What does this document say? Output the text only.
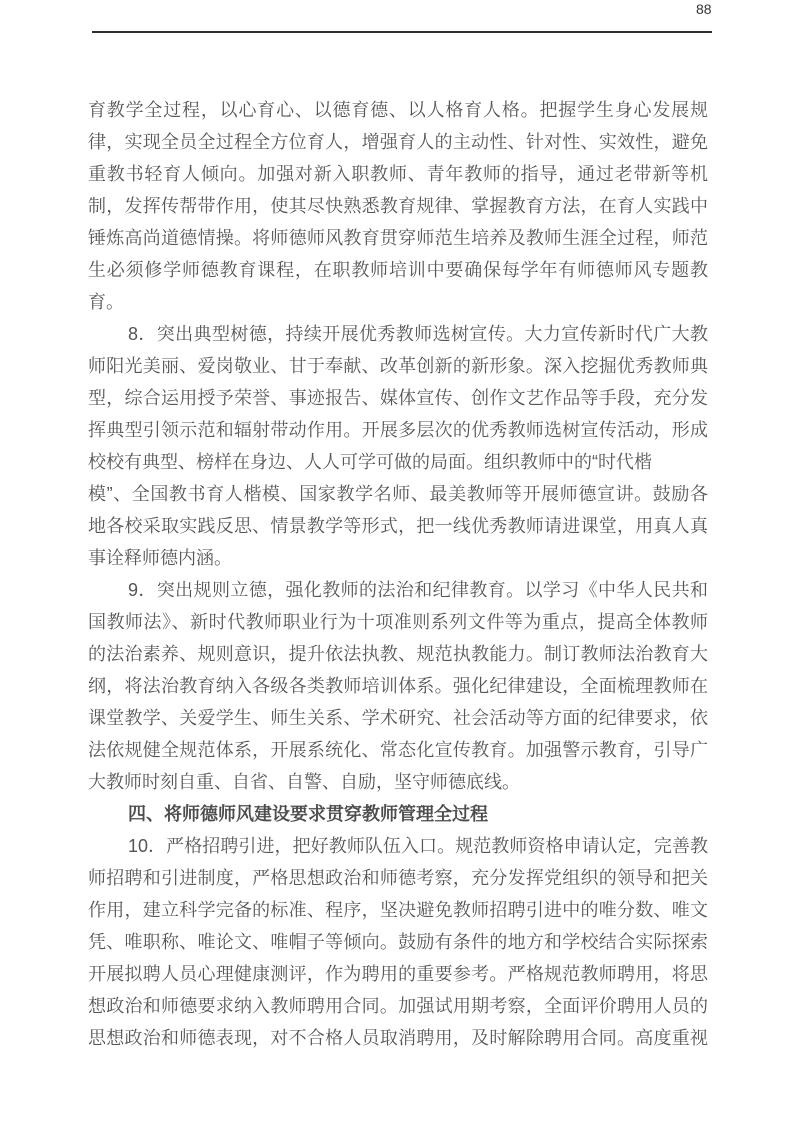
88
育教学全过程，以心育心、以德育德、以人格育人格。把握学生身心发展规
律，实现全员全过程全方位育人，增强育人的主动性、针对性、实效性，避免
重教书轻育人倾向。加强对新入职教师、青年教师的指导，通过老带新等机
制，发挥传帮带作用，使其尽快熟悉教育规律、掌握教育方法，在育人实践中
锤炼高尚道德情操。将师德师风教育贯穿师范生培养及教师生涯全过程，师范
生必须修学师德教育课程，在职教师培训中要确保每学年有师德师风专题教
育。
8．突出典型树德，持续开展优秀教师选树宣传。大力宣传新时代广大教
师阳光美丽、爱岗敬业、甘于奉献、改革创新的新形象。深入挖掘优秀教师典
型，综合运用授予荣誉、事迹报告、媒体宣传、创作文艺作品等手段，充分发
挥典型引领示范和辐射带动作用。开展多层次的优秀教师选树宣传活动，形成
校校有典型、榜样在身边、人人可学可做的局面。组织教师中的“时代楷
模”、全国教书育人楷模、国家教学名师、最美教师等开展师德宣讲。鼓励各
地各校采取实践反思、情景教学等形式，把一线优秀教师请进课堂，用真人真
事诠释师德内涵。
9．突出规则立德，强化教师的法治和纪律教育。以学习《中华人民共和
国教师法》、新时代教师职业行为十项准则系列文件等为重点，提高全体教师
的法治素养、规则意识，提升依法执教、规范执教能力。制订教师法治教育大
纲，将法治教育纳入各级各类教师培训体系。强化纪律建设，全面梳理教师在
课堂教学、关爱学生、师生关系、学术研究、社会活动等方面的纪律要求，依
法依规健全规范体系，开展系统化、常态化宣传教育。加强警示教育，引导广
大教师时刻自重、自省、自警、自励，坚守师德底线。
四、将师德师风建设要求贯穿教师管理全过程
10．严格招聘引进，把好教师队伍入口。规范教师资格申请认定，完善教
师招聘和引进制度，严格思想政治和师德考察，充分发挥党组织的领导和把关
作用，建立科学完备的标准、程序，坚决避免教师招聘引进中的唯分数、唯文
凭、唯职称、唯论文、唯帽子等倾向。鼓励有条件的地方和学校结合实际探索
开展拟聘人员心理健康测评，作为聘用的重要参考。严格规范教师聘用，将思
想政治和师德要求纳入教师聘用合同。加强试用期考察，全面评价聘用人员的
思想政治和师德表现，对不合格人员取消聘用，及时解除聘用合同。高度重视
